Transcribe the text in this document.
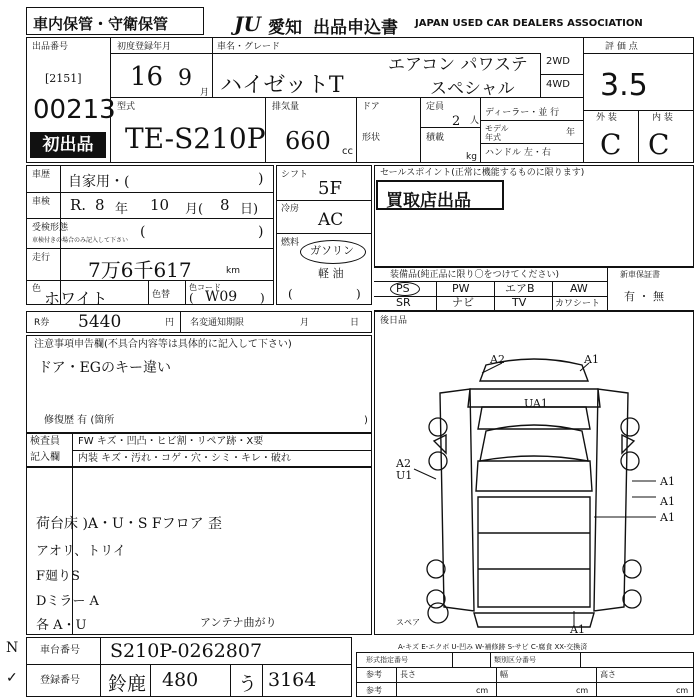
車内保管・守衛保管	JU 愛知 出品申込書 JAPAN USED CAR DEALERS ASSOCIATION
出品番号
[2151]
00213
初出品
初度登録年月
16 9
月
車名・グレード
ハイゼットT
エアコン パワステ
スペシャル
2WD
4WD
評 価 点
3.5
外 装	内 装
C C
型式
TE-S210P
排気量
660 cc
ドア
形状
定員
2 人
積載
kg
ディーラー・並 行
モデル 年式	年
ハンドル 左・右
車歴 自家用・(	)
車検 R. 8 年 10 月( 8 日)
受検形態
車検付きの場合のみ記入して下さい
(	)
走行 7万6千617	km
色 ホワイト	色替
色コード
W09
(	)
シフト
5F
冷房
AC
燃料
ガソリン
軽 油
(	)
セールスポイント(正常に機能するものに限ります)
買取店出品
装備品(純正品に限り〇をつけてください)	新車保証書
有 ・ 無
PS	PW	エアB	AW
SR	ナビ	TV	カワシート
R券 5440	円 名変通知期限	月	日
注意事項申告欄(不具合内容等は具体的に記入して下さい)
ドア・EGのキー違い
修復歴 有 (箇所	)
後日品
A2	A1
UA1
A2
U1	A1
A1
A1
A1
スペア
A-キズ E-エクボ U-凹み W-補修跡 S-サビ C-腐食 XX-交換済
検査員
記入欄
FW キズ・凹凸・ヒビ割・リペア跡・X要
内装 キズ・汚れ・コゲ・穴・シミ・キレ・破れ
荷台床 )A・U・S Fフロア 歪
アオリ、トリイ
F廻りS
Dミラー A
各 A・U	アンテナ曲がり
N
✓
車台番号 S210P-0262807
登録番号 鈴鹿 480 う 3164
形式指定番号	類別区分番号
参考 長さ	幅	高さ
参考	cm	cm	cm
